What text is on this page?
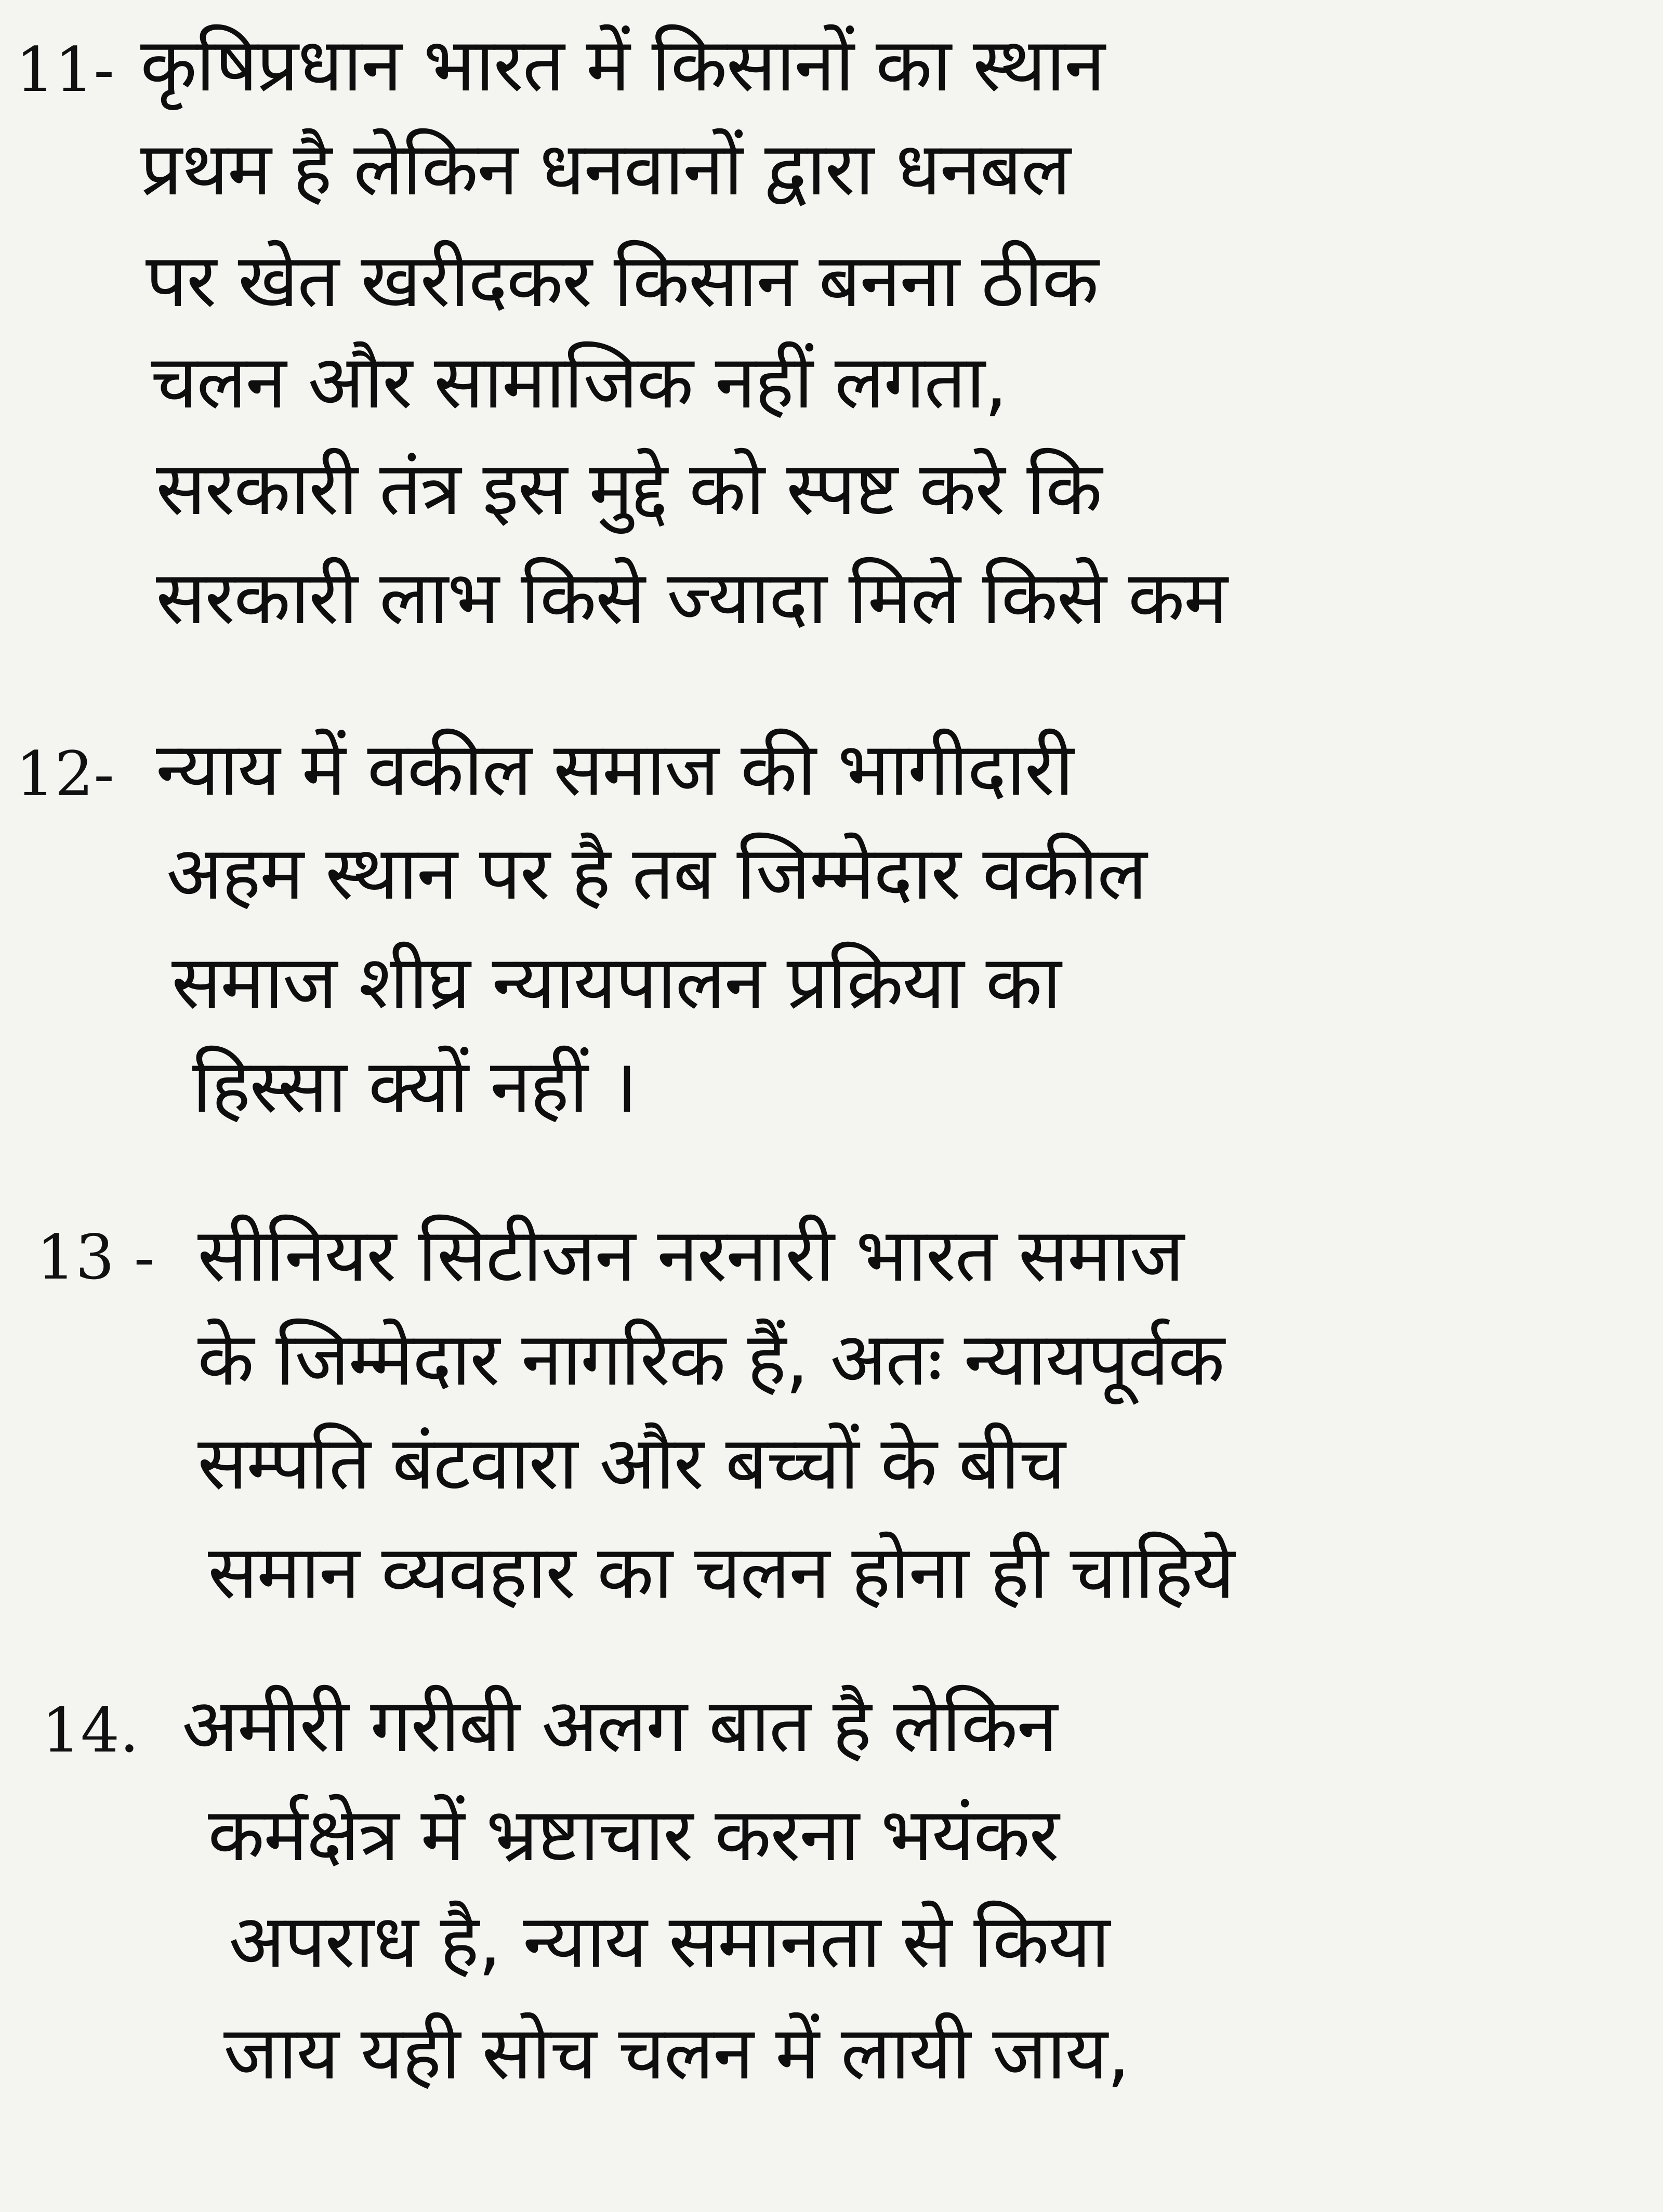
11- कृषिप्रधान भारत में किसानों का स्थान
प्रथम है लेकिन धनवानों द्वारा धनबल
पर खेत खरीदकर किसान बनना ठीक
चलन और सामाजिक नहीं लगता,
सरकारी तंत्र इस मुद्दे को स्पष्ट करे कि
सरकारी लाभ किसे ज्यादा मिले किसे कम
12- न्याय में वकील समाज की भागीदारी
अहम स्थान पर है तब जिम्मेदार वकील
समाज शीघ्र न्यायपालन प्रक्रिया का
हिस्सा क्यों नहीं ।
13 - सीनियर सिटीजन नरनारी भारत समाज
के जिम्मेदार नागरिक हैं, अतः न्यायपूर्वक
सम्पति बंटवारा और बच्चों के बीच
समान व्यवहार का चलन होना ही चाहिये
14. अमीरी गरीबी अलग बात है लेकिन
कर्मक्षेत्र में भ्रष्टाचार करना भयंकर
अपराध है, न्याय समानता से किया
जाय यही सोच चलन में लायी जाय,
